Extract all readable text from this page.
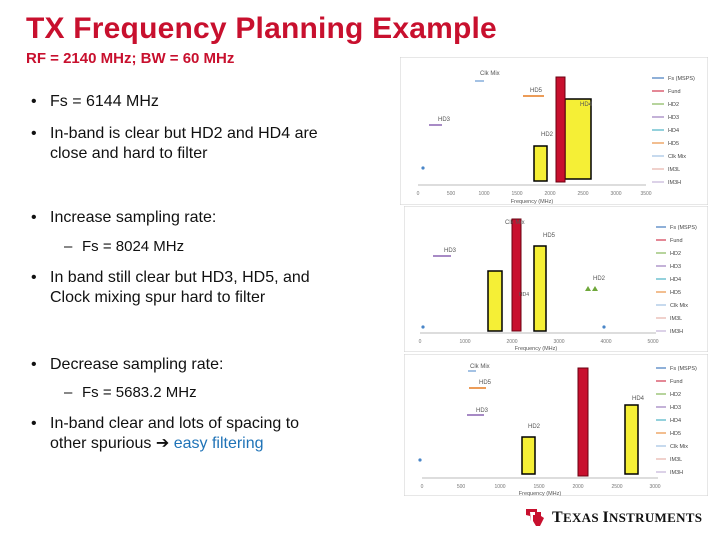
TX Frequency Planning Example
RF = 2140 MHz; BW = 60 MHz
• Fs = 6144 MHz
• In-band is clear but HD2 and HD4 are
close and hard to filter
• Increase sampling rate:
– Fs = 8024 MHz
• In band still clear but HD3, HD5, and
Clock mixing spur hard to filter
• Decrease sampling rate:
– Fs = 5683.2 MHz
• In-band clear and lots of spacing to
other spurious ➔ easy filtering
0	500	1000	1500	2000	2500	3000	3500
Frequency (MHz)
Clk Mix
HD5
HD4
HD3
HD2
Fs (MSPS)
Fund
HD2
HD3
HD4
HD5
Clk Mix
IM3L
IM3H
0	1000	2000	3000	4000	5000
Frequency (MHz)
Clk Mix
HD5
HD3
HD2
HD4
Fs (MSPS)
Fund
HD2
HD3
HD4
HD5
Clk Mix
IM3L
IM3H
0	500	1000	1500	2000	2500	3000
Frequency (MHz)
Clk Mix
HD5
HD4
HD3
HD2
Fs (MSPS)
Fund
HD2
HD3
HD4
HD5
Clk Mix
IM3L
IM3H
TEXAS INSTRUMENTS
